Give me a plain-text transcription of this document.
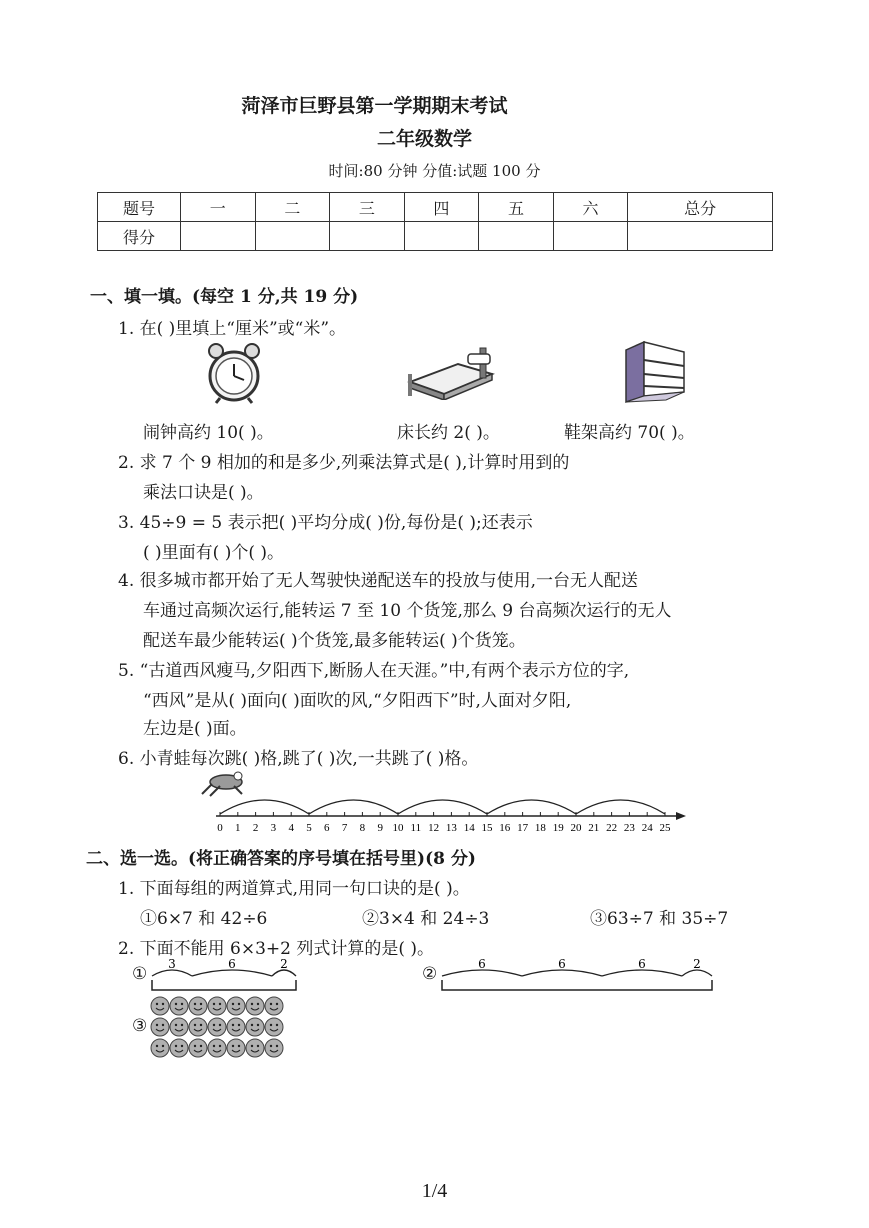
菏泽市巨野县第一学期期末考试
二年级数学
时间:80 分钟 分值:试题 100 分
题号	一	二	三	四	五	六	总分
得分							
一、填一填。(每空 1 分,共 19 分)
1. 在( )里填上“厘米”或“米”。
闹钟高约 10( )。	床长约 2( )。	鞋架高约 70( )。
2. 求 7 个 9 相加的和是多少,列乘法算式是( ),计算时用到的
乘法口诀是( )。
3. 45÷9 = 5 表示把( )平均分成( )份,每份是( );还表示
( )里面有( )个( )。
4. 很多城市都开始了无人驾驶快递配送车的投放与使用,一台无人配送
车通过高频次运行,能转运 7 至 10 个货笼,那么 9 台高频次运行的无人
配送车最少能转运( )个货笼,最多能转运( )个货笼。
5. “古道西风瘦马,夕阳西下,断肠人在天涯。”中,有两个表示方位的字,
“西风”是从( )面向( )面吹的风,“夕阳西下”时,人面对夕阳,
左边是( )面。
6. 小青蛙每次跳( )格,跳了( )次,一共跳了( )格。
0 1 2 3 4 5 6 7 8 9 10 11 12 13 14 15 16 17 18 19 20 21 22 23 24 25
二、选一选。(将正确答案的序号填在括号里)(8 分)
1. 下面每组的两道算式,用同一句口诀的是( )。
①6×7 和 42÷6	②3×4 和 24÷3	③63÷7 和 35÷7
2. 下面不能用 6×3+2 列式计算的是( )。
① 3	6	2	②	6	6	6	2
③
1/4
